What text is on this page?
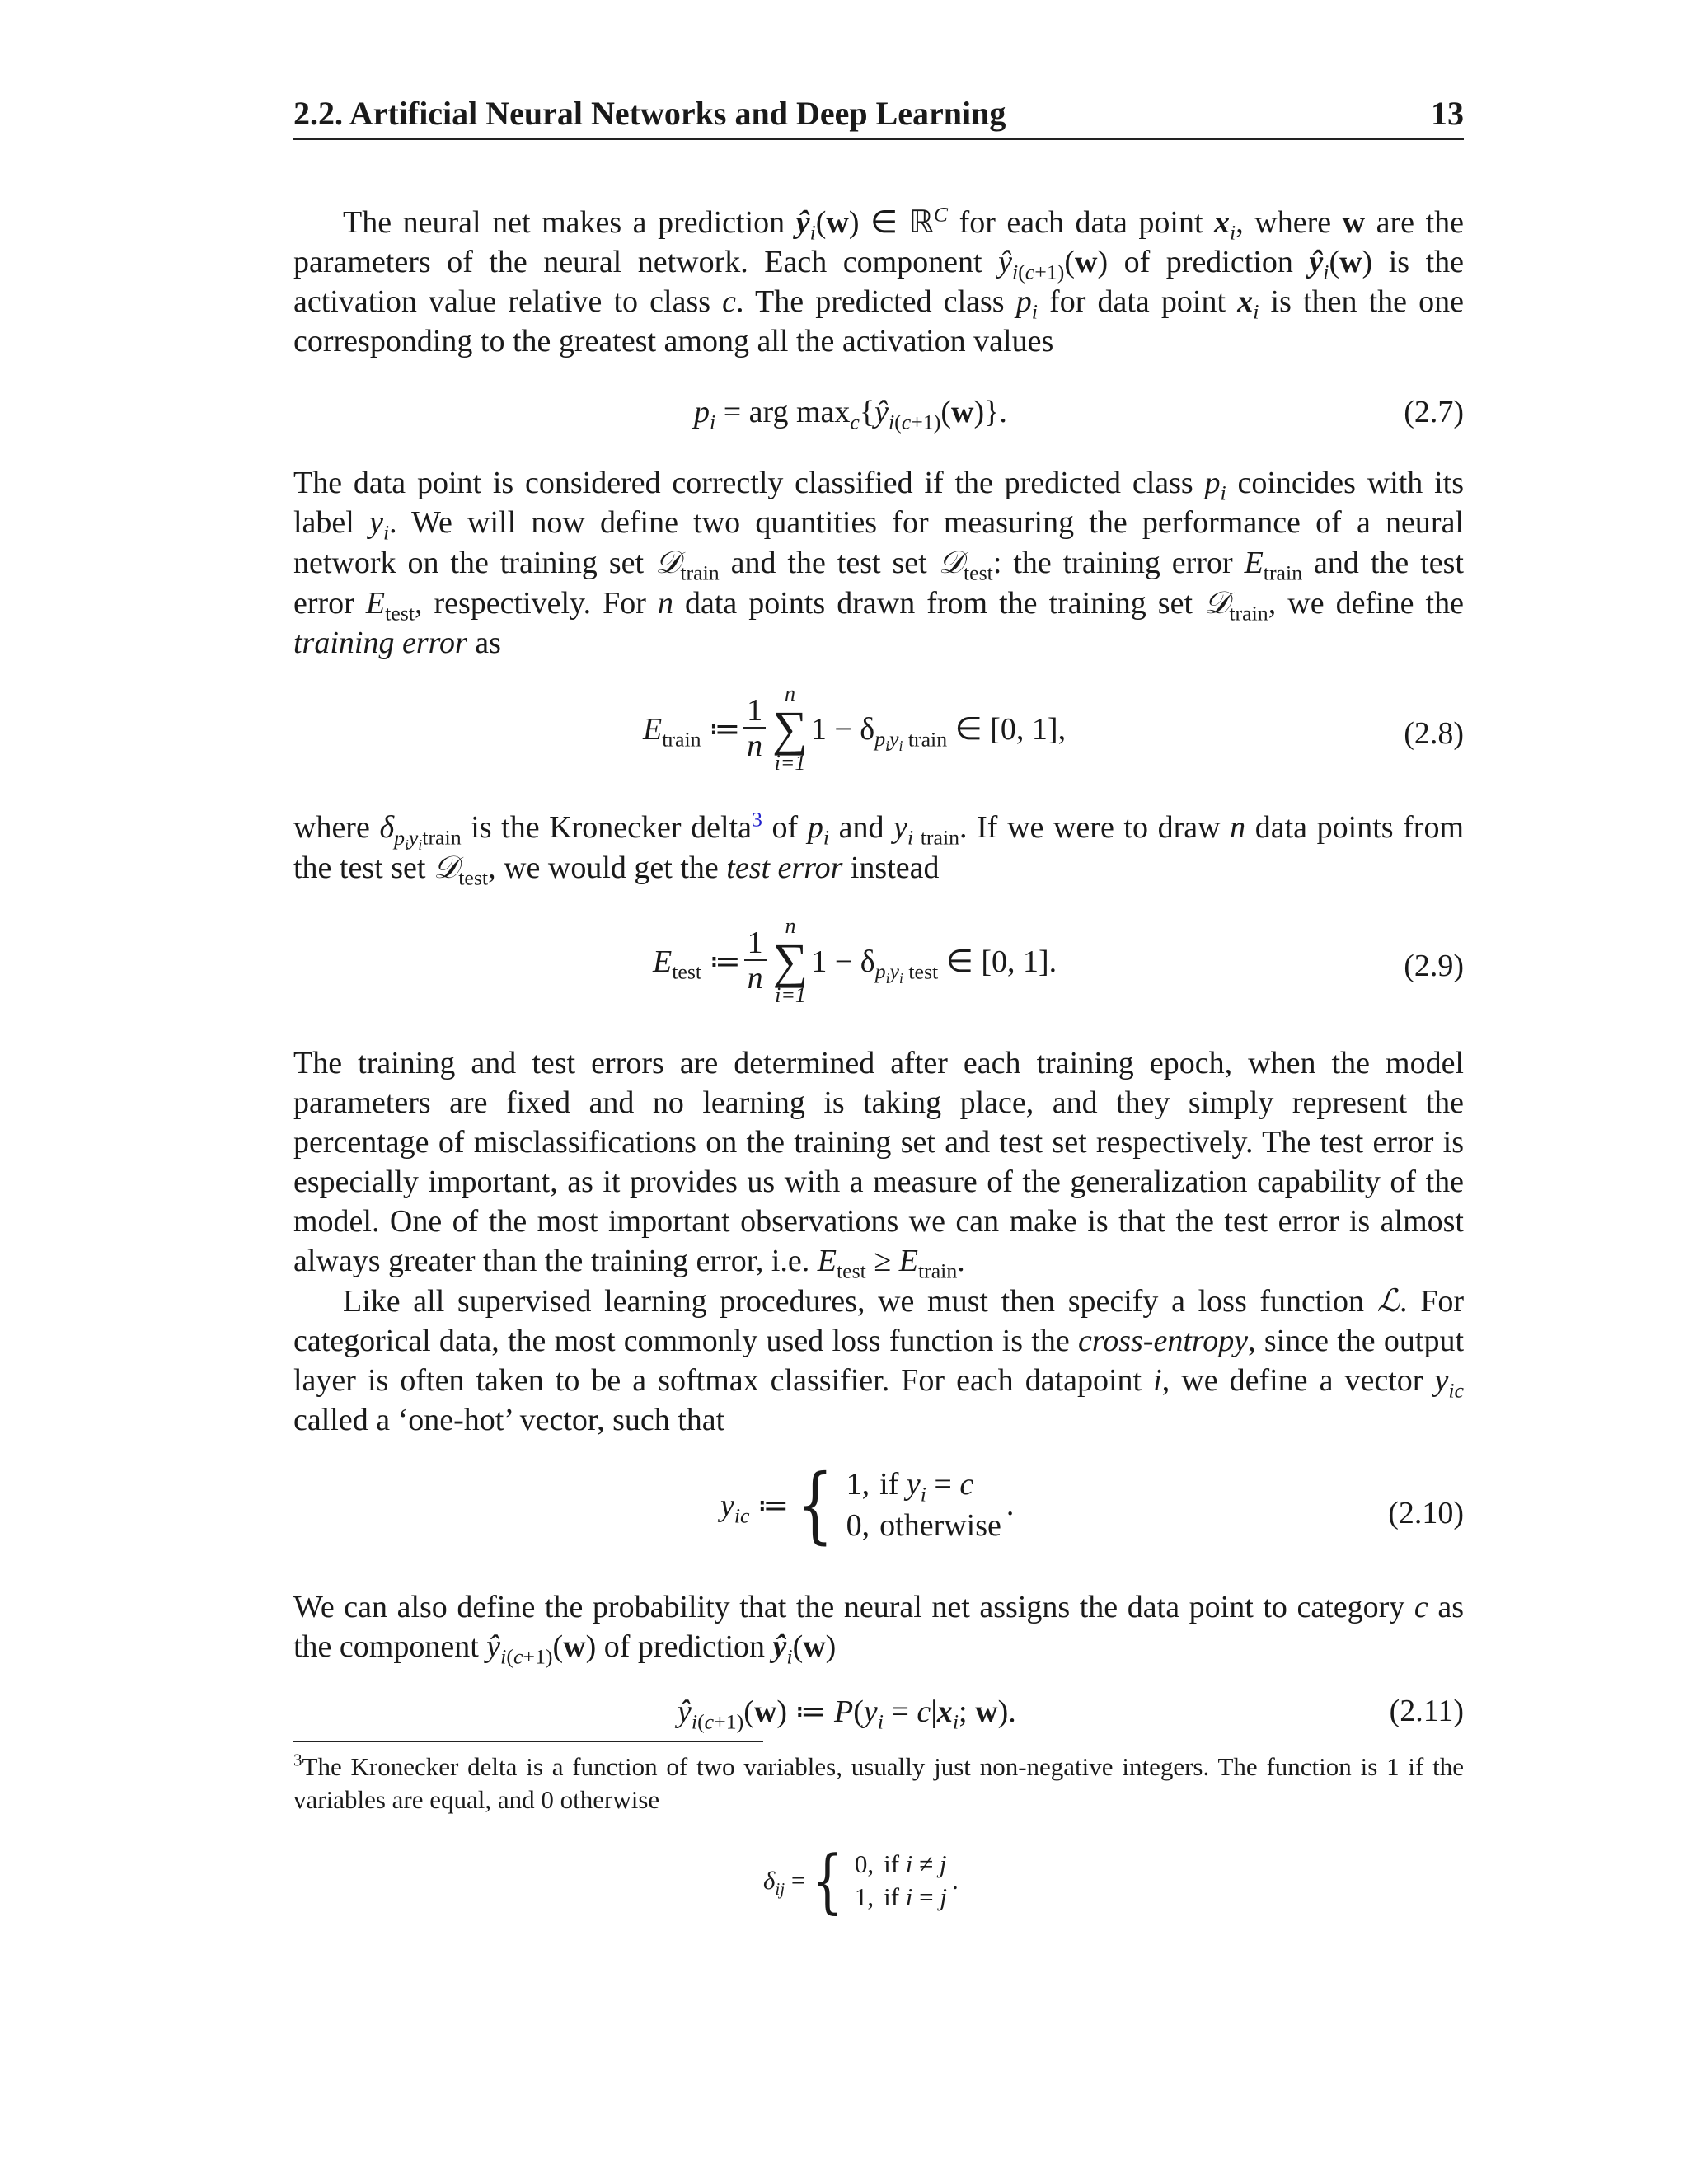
2.2. Artificial Neural Networks and Deep Learning	13
The neural net makes a prediction $ŷ_i(w)$ ∈ ℝ$^C$ for each data point $x_i$, where w are the parameters of the neural network. Each component $ŷ_{i(c+1)}(w)$ of prediction $ŷ_i(w)$ is the activation value relative to class c. The predicted class $p_i$ for data point $x_i$ is then the one corresponding to the greatest among all the activation values
$p_i$ = arg $\max_c\{ŷ_{i(c+1)}(w)\}$.	(2.7)
The data point is considered correctly classified if the predicted class $p_i$ coincides with its label $y_i$. We will now define two quantities for measuring the performance of a neural network on the training set 𝒟$_{train}$ and the test set 𝒟$_{test}$: the training error $E_{train}$ and the test error $E_{test}$, respectively. For n data points drawn from the training set 𝒟$_{train}$, we define the training error as
$E_{train}$ ≔ $\frac{1}{n}$
n
∑
i=1
$1 - \delta_{p_iy_i train}$ ∈ [0, 1],	(2.8)
where $\delta_{p_iy_itrain}$ is the Kronecker delta$^3$ of $p_i$ and $y_{i train}$. If we were to draw n data points from the test set 𝒟$_{test}$, we would get the test error instead
$E_{test}$ ≔ $\frac{1}{n}$
n
∑
i=1
$1 - \delta_{p_iy_i test}$ ∈ [0, 1].	(2.9)
The training and test errors are determined after each training epoch, when the model parameters are fixed and no learning is taking place, and they simply represent the percentage of misclassifications on the training set and test set respectively. The test error is especially important, as it provides us with a measure of the generalization capability of the model. One of the most important observations we can make is that the test error is almost always greater than the training error, i.e. $E_{test} \ge E_{train}$.
Like all supervised learning procedures, we must then specify a loss function ℒ. For categorical data, the most commonly used loss function is the cross-entropy, since the output layer is often taken to be a softmax classifier. For each datapoint i, we define a vector $y_{ic}$ called a ‘one-hot’ vector, such that
$y_{ic}$ ≔{ 1,	if $y_i = c$
0,	otherwise.	(2.10)
We can also define the probability that the neural net assigns the data point to category c as the component $ŷ_{i(c+1)}(w)$ of prediction $ŷ_i(w)$
$ŷ_{i(c+1)}(w)$ ≔ $P(y_i = c|x_i$; w).	(2.11)
$^3$The Kronecker delta is a function of two variables, usually just non-negative integers. The function is 1 if the variables are equal, and 0 otherwise
$\delta_{ij}$ ={ 0,	if i ≠ j
1,	if i = j.
